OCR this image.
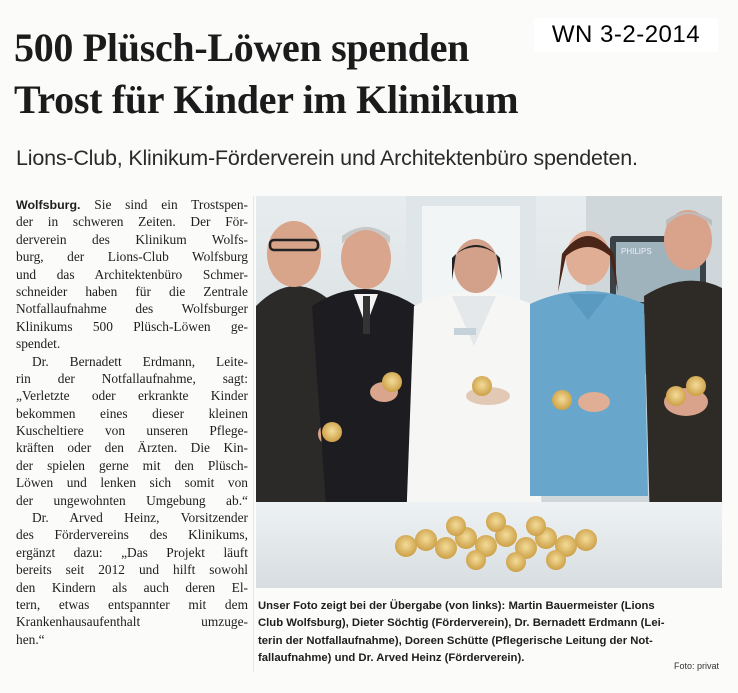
WN 3-2-2014
500 Plüsch-Löwen spenden
Trost für Kinder im Klinikum
Lions-Club, Klinikum-Förderverein und Architektenbüro spendeten.
Wolfsburg. Sie sind ein Trostspen-
der in schweren Zeiten. Der För-
derverein des Klinikum Wolfs-
burg, der Lions-Club Wolfsburg
und das Architektenbüro Schmer-
schneider haben für die Zentrale
Notfallaufnahme des Wolfsburger
Klinikums 500 Plüsch-Löwen ge-
spendet.
Dr. Bernadett Erdmann, Leite-
rin der Notfallaufnahme, sagt:
„Verletzte oder erkrankte Kinder
bekommen eines dieser kleinen
Kuscheltiere von unseren Pflege-
kräften oder den Ärzten. Die Kin-
der spielen gerne mit den Plüsch-
Löwen und lenken sich somit von
der ungewohnten Umgebung ab.“
Dr. Arved Heinz, Vorsitzender
des Fördervereins des Klinikums,
ergänzt dazu: „Das Projekt läuft
bereits seit 2012 und hilft sowohl
den Kindern als auch deren El-
tern, etwas entspannter mit dem
Krankenhausaufenthalt umzuge-
hen.“
PHILIPS
Unser Foto zeigt bei der Übergabe (von links): Martin Bauermeister (Lions
Club Wolfsburg), Dieter Söchtig (Förderverein), Dr. Bernadett Erdmann (Lei-
terin der Notfallaufnahme), Doreen Schütte (Pflegerische Leitung der Not-
fallaufnahme) und Dr. Arved Heinz (Förderverein).
Foto: privat
